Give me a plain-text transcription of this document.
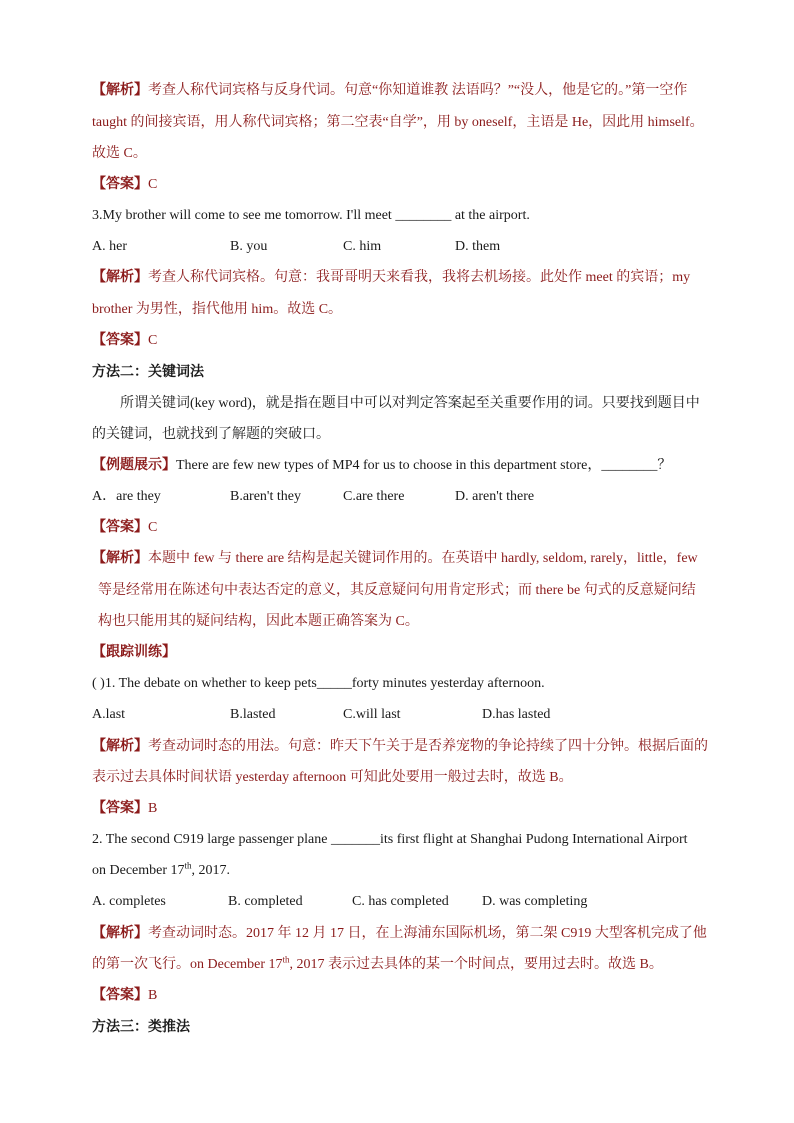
【解析】考查人称代词宾格与反身代词。句意“你知道谁教 法语吗？”“没人，他是它的。”第一空作
taught 的间接宾语，用人称代词宾格；第二空表“自学”，用 by oneself，主语是 He，因此用 himself。
故选 C。
【答案】C
3.My brother will come to see me tomorrow. I'll meet ________ at the airport.
A. her	B. you	C. him	D. them
【解析】考查人称代词宾格。句意：我哥哥明天来看我，我将去机场接。此处作 meet 的宾语；my
brother 为男性，指代他用 him。故选 C。
【答案】C
方法二：关键词法
所谓关键词(key word)，就是指在题目中可以对判定答案起至关重要作用的词。只要找到题目中
的关键词，也就找到了解题的突破口。
【例题展示】There are few new types of MP4 for us to choose in this department store，________？
A．are they	B.aren't they	C.are there	D. aren't there
【答案】C
【解析】本题中 few 与 there are 结构是起关键词作用的。在英语中 hardly, seldom, rarely，little，few
等是经常用在陈述句中表达否定的意义，其反意疑问句用肯定形式；而 there be 句式的反意疑问结
构也只能用其的疑问结构，因此本题正确答案为 C。
【跟踪训练】
( )1. The debate on whether to keep pets_____forty minutes yesterday afternoon.
A.last	B.lasted	C.will last	D.has lasted
【解析】考查动词时态的用法。句意：昨天下午关于是否养宠物的争论持续了四十分钟。根据后面的
表示过去具体时间状语 yesterday afternoon 可知此处要用一般过去时，故选 B。
【答案】B
2. The second C919 large passenger plane _______its first flight at Shanghai Pudong International Airport
on December 17th, 2017.
A. completes	B. completed	C. has completed D. was completing
【解析】考查动词时态。2017 年 12 月 17 日，在上海浦东国际机场，第二架 C919 大型客机完成了他
的第一次飞行。on December 17th, 2017 表示过去具体的某一个时间点，要用过去时。故选 B。
【答案】B
方法三：类推法
